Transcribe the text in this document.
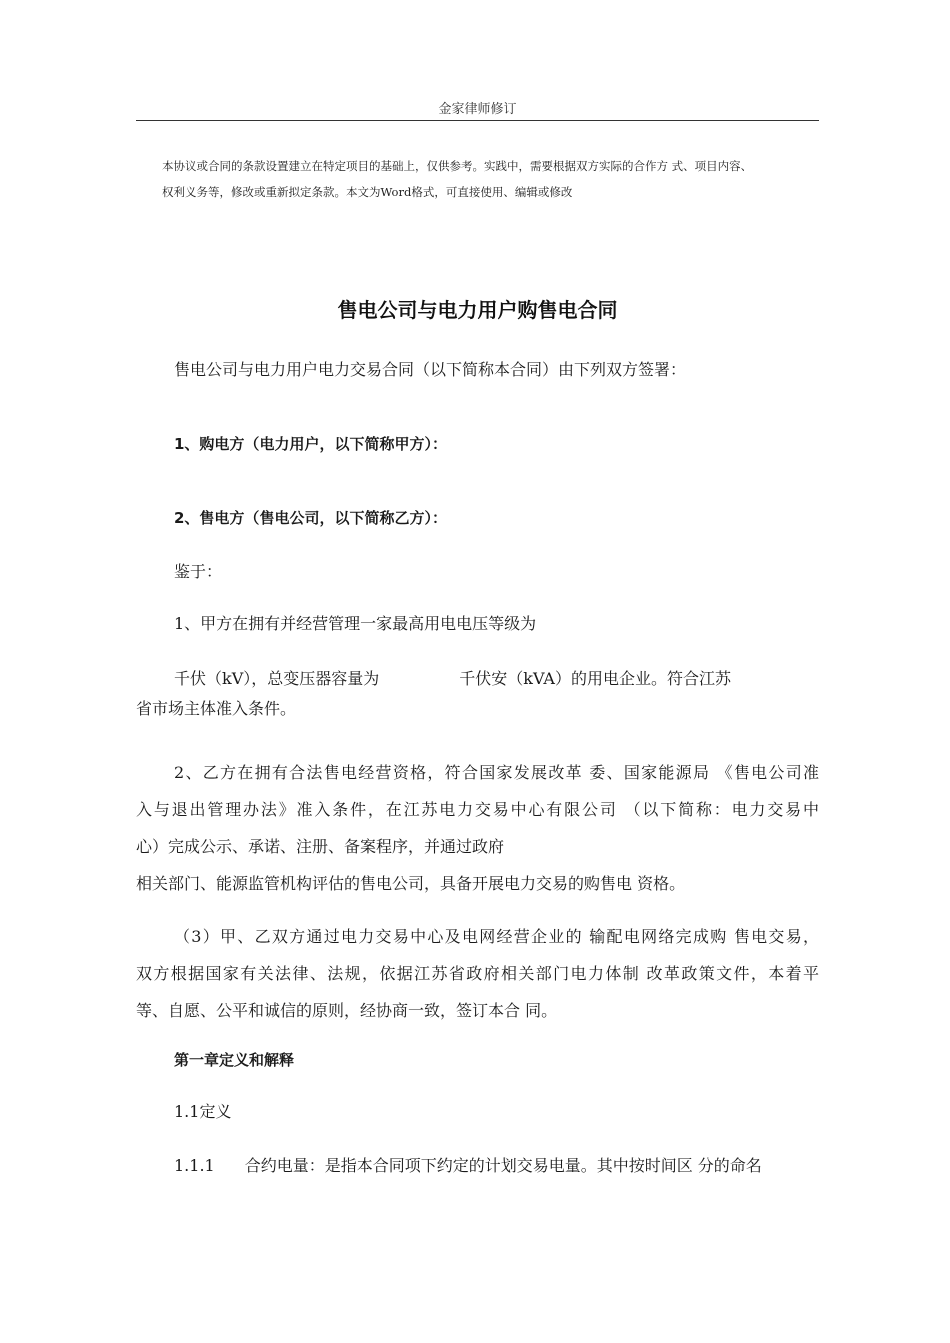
金家律师修订
本协议或合同的条款设置建立在特定项目的基础上，仅供参考。实践中，需要根据双方实际的合作方 式、项目内容、
权利义务等，修改或重新拟定条款。本文为Word格式，可直接使用、编辑或修改
售电公司与电力用户购售电合同
售电公司与电力用户电力交易合同（以下简称本合同）由下列双方签署：
1、购电方（电力用户，以下简称甲方）：
2、售电方（售电公司，以下简称乙方）：
鉴于：
1、甲方在拥有并经营管理一家最高用电电压等级为
千伏（kV），总变压器容量为	千伏安（kVA）的用电企业。符合江苏
省市场主体准入条件。
2、乙方在拥有合法售电经营资格，符合国家发展改革 委、国家能源局 《售电公司准
入与退出管理办法》准入条件，在江苏电力交易中心有限公司 （以下简称：电力交易中
心）完成公示、承诺、注册、备案程序，并通过政府
相关部门、能源监管机构评估的售电公司，具备开展电力交易的购售电 资格。
（3）甲、乙双方通过电力交易中心及电网经营企业的 输配电网络完成购 售电交易，
双方根据国家有关法律、法规，依据江苏省政府相关部门电力体制 改革政策文件，本着平
等、自愿、公平和诚信的原则，经协商一致，签订本合 同。
第一章定义和解释
1.1定义
1.1.1 合约电量：是指本合同项下约定的计划交易电量。其中按时间区 分的命名
